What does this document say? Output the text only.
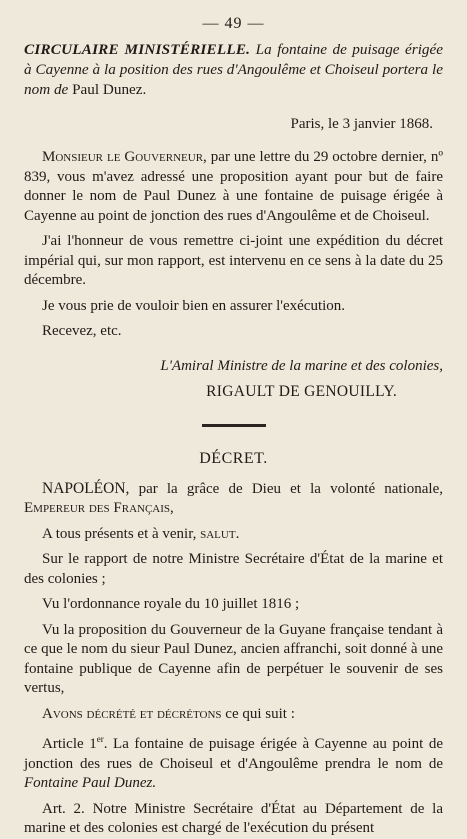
— 49 —
CIRCULAIRE MINISTÉRIELLE. La fontaine de puisage érigée à Cayenne à la position des rues d'Angoulême et Choiseul portera le nom de Paul Dunez.
Paris, le 3 janvier 1868.

Monsieur le Gouverneur, par une lettre du 29 octobre dernier, nº 839, vous m'avez adressé une proposition ayant pour but de faire donner le nom de Paul Dunez à une fontaine de puisage érigée à Cayenne au point de jonction des rues d'Angoulême et de Choiseul.

J'ai l'honneur de vous remettre ci-joint une expédition du décret impérial qui, sur mon rapport, est intervenu en ce sens à la date du 25 décembre.

Je vous prie de vouloir bien en assurer l'exécution.

Recevez, etc.

L'Amiral Ministre de la marine et des colonies,
RIGAULT DE GENOUILLY.
DÉCRET.

NAPOLÉON, par la grâce de Dieu et la volonté nationale, Empereur des Français,

A tous présents et à venir, salut.

Sur le rapport de notre Ministre Secrétaire d'État de la marine et des colonies ;

Vu l'ordonnance royale du 10 juillet 1816 ;

Vu la proposition du Gouverneur de la Guyane française tendant à ce que le nom du sieur Paul Dunez, ancien affranchi, soit donné à une fontaine publique de Cayenne afin de perpétuer le souvenir de ses vertus,

Avons décrété et décrétons ce qui suit :

Article 1er. La fontaine de puisage érigée à Cayenne au point de jonction des rues de Choiseul et d'Angoulême prendra le nom de Fontaine Paul Dunez.

Art. 2. Notre Ministre Secrétaire d'État au Département de la marine et des colonies est chargé de l'exécution du présent
